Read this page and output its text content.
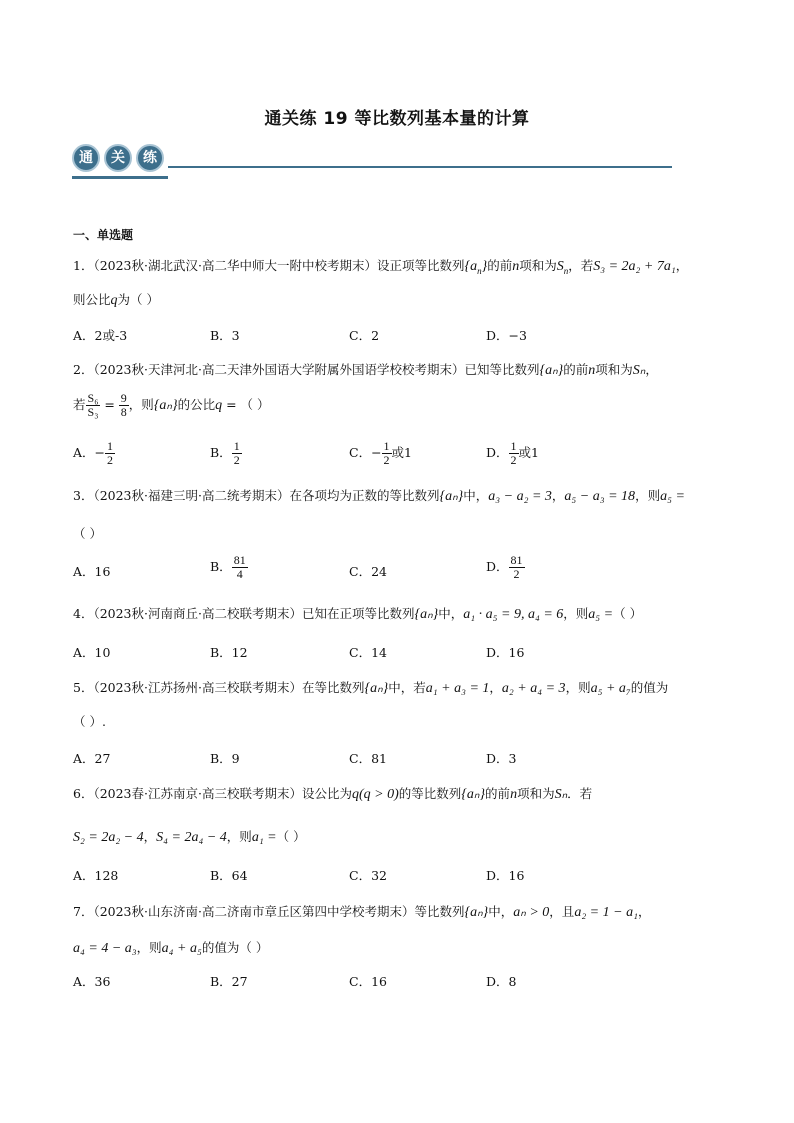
通关练 19 等比数列基本量的计算
通	关	练
一、单选题
1．（2023秋·湖北武汉·高二华中师大一附中校考期末）设正项等比数列$\{a_n\}$的前n项和为$S_n$，若S₃ = 2a₂ + 7a₁，
则公比q为（ ）
A．2或-3	B．3	C．2	D．−3
2．（2023秋·天津河北·高二天津外国语大学附属外国语学校校考期末）已知等比数列{aₙ}的前n项和为Sₙ，
若 $\frac{\text{S₆}}{\text{S₃}} = \frac{9}{8}$ ，则{aₙ}的公比q = （ ）
A．− $\frac{1}{2}$	B． $\frac{1}{2}$	C．− $\frac{1}{2}$ 或1	D． $\frac{1}{2}$ 或1
3．（2023秋·福建三明·高二统考期末）在各项均为正数的等比数列{aₙ}中，a₃ − a₂ = 3，a₅ − a₃ = 18，则a₅ =
（ ）
A．16	B． $\frac{81}{4}$	C．24	D． $\frac{81}{2}$
4．（2023秋·河南商丘·高二校联考期末）已知在正项等比数列{aₙ}中，a₁ · a₅ = 9, a₄ = 6，则a₅ =（ ）
A．10	B．12	C．14	D．16
5．（2023秋·江苏扬州·高三校联考期末）在等比数列{aₙ}中，若a₁ + a₃ = 1，a₂ + a₄ = 3，则a₅ + a₇的值为
（ ）.
A．27	B．9	C．81	D．3
6．（2023春·江苏南京·高三校联考期末）设公比为q(q > 0)的等比数列{aₙ}的前n项和为Sₙ．若
S₂ = 2a₂ − 4，S₄ = 2a₄ − 4，则a₁ =（ ）
A．128	B．64	C．32	D．16
7．（2023秋·山东济南·高二济南市章丘区第四中学校考期末）等比数列{aₙ}中，aₙ > 0，且a₂ = 1 − a₁，
a₄ = 4 − a₃，则a₄ + a₅的值为（ ）
A．36	B．27	C．16	D．8
